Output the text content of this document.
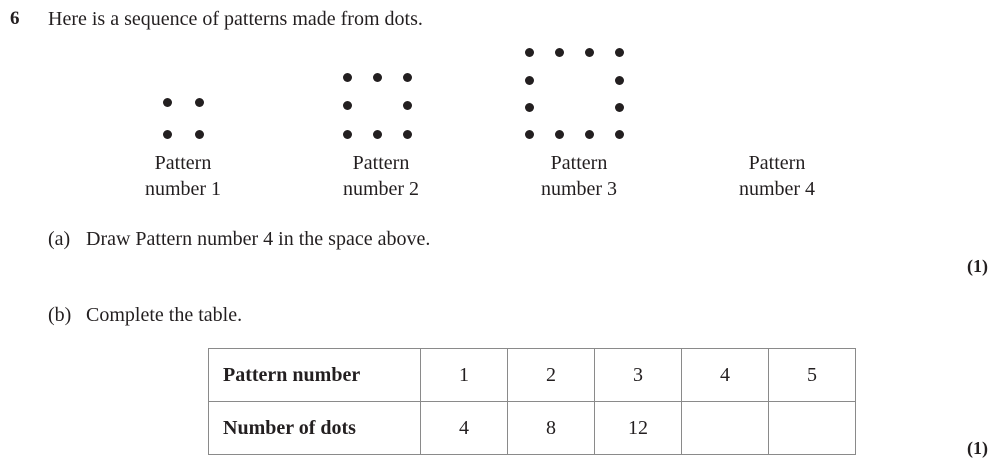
6 Here is a sequence of patterns made from dots.
Pattern
number 1
Pattern
number 2
Pattern
number 3
Pattern
number 4
(a) Draw Pattern number 4 in the space above.
(1)
(b) Complete the table.
(1)
Pattern number	1	2	3	4	5
Number of dots	4	8	12		
